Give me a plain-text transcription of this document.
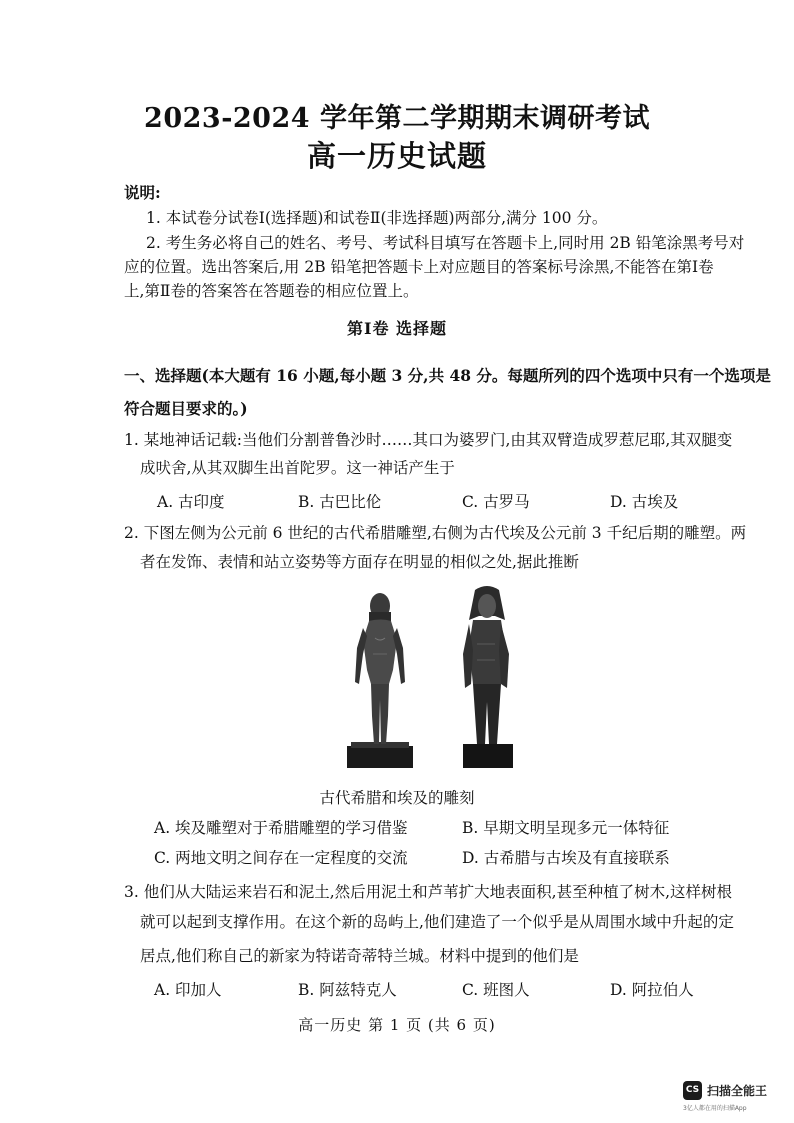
2023-2024 学年第二学期期末调研考试
高一历史试题
说明:
1. 本试卷分试卷Ⅰ(选择题)和试卷Ⅱ(非选择题)两部分,满分 100 分。
2. 考生务必将自己的姓名、考号、考试科目填写在答题卡上,同时用 2B 铅笔涂黑考号对
应的位置。选出答案后,用 2B 铅笔把答题卡上对应题目的答案标号涂黑,不能答在第Ⅰ卷
上,第Ⅱ卷的答案答在答题卷的相应位置上。
第Ⅰ卷 选择题
一、选择题(本大题有 16 小题,每小题 3 分,共 48 分。每题所列的四个选项中只有一个选项是
符合题目要求的。)
1. 某地神话记载:当他们分割普鲁沙时……其口为婆罗门,由其双臂造成罗惹尼耶,其双腿变
成吠舍,从其双脚生出首陀罗。这一神话产生于
A. 古印度	B. 古巴比伦	C. 古罗马	D. 古埃及
2. 下图左侧为公元前 6 世纪的古代希腊雕塑,右侧为古代埃及公元前 3 千纪后期的雕塑。两
者在发饰、表情和站立姿势等方面存在明显的相似之处,据此推断
古代希腊和埃及的雕刻
A. 埃及雕塑对于希腊雕塑的学习借鉴	B. 早期文明呈现多元一体特征
C. 两地文明之间存在一定程度的交流	D. 古希腊与古埃及有直接联系
3. 他们从大陆运来岩石和泥土,然后用泥土和芦苇扩大地表面积,甚至种植了树木,这样树根
就可以起到支撑作用。在这个新的岛屿上,他们建造了一个似乎是从周围水域中升起的定
居点,他们称自己的新家为特诺奇蒂特兰城。材料中提到的他们是
A. 印加人	B. 阿兹特克人	C. 班图人	D. 阿拉伯人
高一历史 第 1 页 (共 6 页)
CS 扫描全能王
3亿人都在用的扫描App
